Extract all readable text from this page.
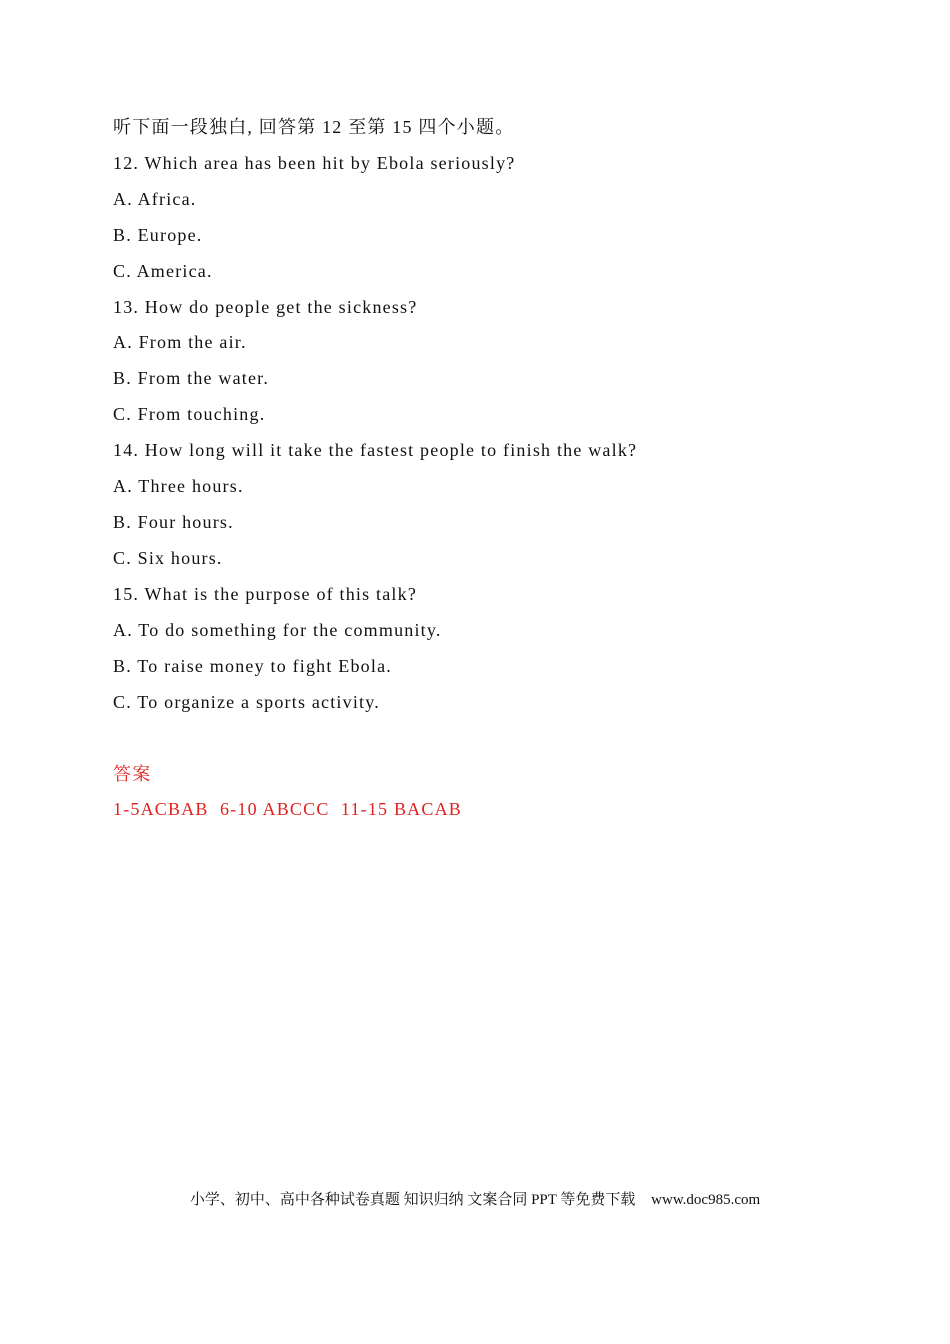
听下面一段独白, 回答第 12 至第 15 四个小题。
12. Which area has been hit by Ebola seriously?
A. Africa.
B. Europe.
C. America.
13. How do people get the sickness?
A. From the air.
B. From the water.
C. From touching.
14. How long will it take the fastest people to finish the walk?
A. Three hours.
B. Four hours.
C. Six hours.
15. What is the purpose of this talk?
A. To do something for the community.
B. To raise money to fight Ebola.
C. To organize a sports activity.
答案
1-5ACBAB  6-10 ABCCC  11-15 BACAB
小学、初中、高中各种试卷真题 知识归纳 文案合同 PPT 等免费下载 www.doc985.com
